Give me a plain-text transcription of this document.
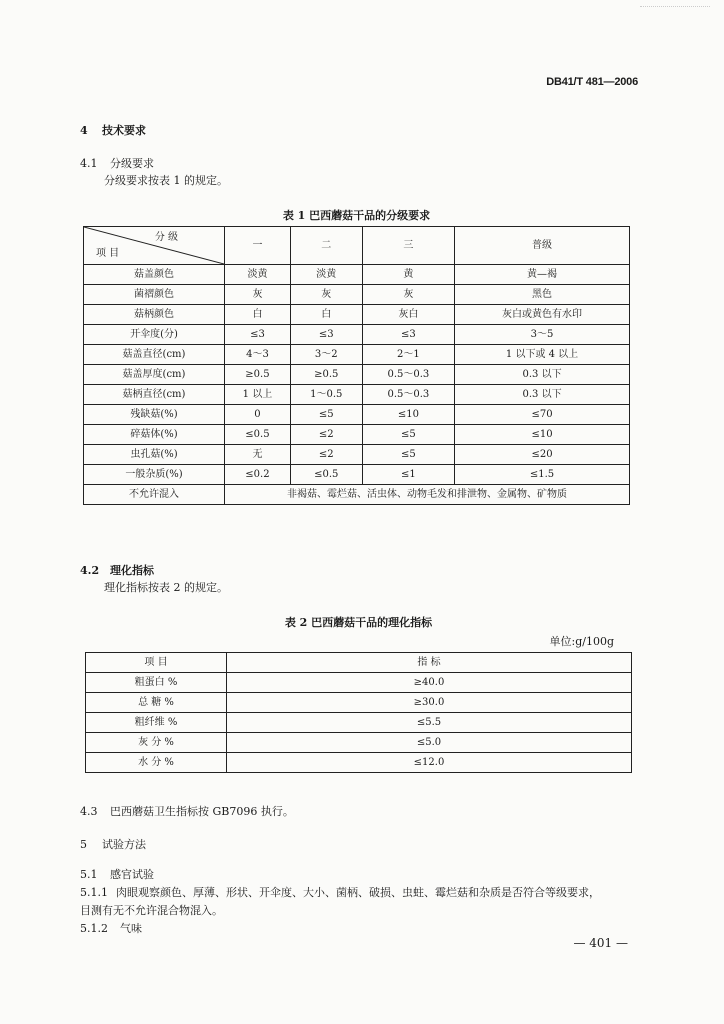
DB41/T 481—2006
4 技术要求
4.1 分级要求
分级要求按表 1 的规定。
表 1 巴西蘑菇干品的分级要求
分 级
项 目	一	二	三	普级
菇盖颜色	淡黄	淡黄	黄	黄—褐
菌褶颜色	灰	灰	灰	黑色
菇柄颜色	白	白	灰白	灰白或黄色有水印
开伞度(分)	≤3	≤3	≤3	3～5
菇盖直径(cm)	4～3	3～2	2～1	1 以下或 4 以上
菇盖厚度(cm)	≥0.5	≥0.5	0.5～0.3	0.3 以下
菇柄直径(cm)	1 以上	1～0.5	0.5～0.3	0.3 以下
残缺菇(%)	0	≤5	≤10	≤70
碎菇体(%)	≤0.5	≤2	≤5	≤10
虫孔菇(%)	无	≤2	≤5	≤20
一般杂质(%)	≤0.2	≤0.5	≤1	≤1.5
不允许混入	非褐菇、霉烂菇、活虫体、动物毛发和排泄物、金属物、矿物质			
4.2 理化指标
理化指标按表 2 的规定。
表 2 巴西蘑菇干品的理化指标
单位:g/100g
项 目	指 标
粗蛋白 %	≥40.0
总 糖 %	≥30.0
粗纤维 %	≤5.5
灰 分 %	≤5.0
水 分 %	≤12.0
4.3 巴西蘑菇卫生指标按 GB7096 执行。
5 试验方法
5.1 感官试验
5.1.1 肉眼观察颜色、厚薄、形状、开伞度、大小、菌柄、破损、虫蛀、霉烂菇和杂质是否符合等级要求，
目测有无不允许混合物混入。
5.1.2 气味
— 401 —
